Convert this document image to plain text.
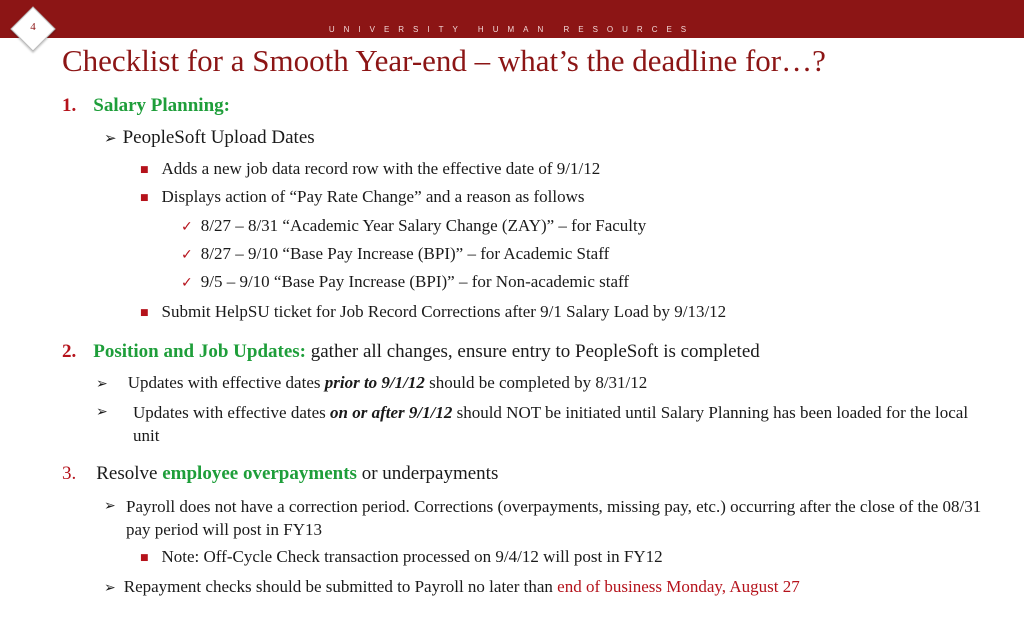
UNIVERSITY HUMAN RESOURCES
4
Checklist for a Smooth Year-end – what’s the deadline for…?
1. Salary Planning:
➢ PeopleSoft Upload Dates
■ Adds a new job data record row with the effective date of 9/1/12
■ Displays action of “Pay Rate Change” and a reason as follows
✓ 8/27 – 8/31 “Academic Year Salary Change (ZAY)” – for Faculty
✓ 8/27 – 9/10 “Base Pay Increase (BPI)” – for Academic Staff
✓ 9/5 – 9/10 “Base Pay Increase (BPI)” – for Non-academic staff
■ Submit HelpSU ticket for Job Record Corrections after 9/1 Salary Load by 9/13/12
2. Position and Job Updates: gather all changes, ensure entry to PeopleSoft is completed
➢ Updates with effective dates prior to 9/1/12 should be completed by 8/31/12
➢ Updates with effective dates on or after 9/1/12 should NOT be initiated until Salary Planning has been loaded for the local unit
3. Resolve employee overpayments or underpayments
➢ Payroll does not have a correction period. Corrections (overpayments, missing pay, etc.) occurring after the close of the 08/31 pay period will post in FY13
■ Note: Off-Cycle Check transaction processed on 9/4/12 will post in FY12
➢ Repayment checks should be submitted to Payroll no later than end of business Monday, August 27
